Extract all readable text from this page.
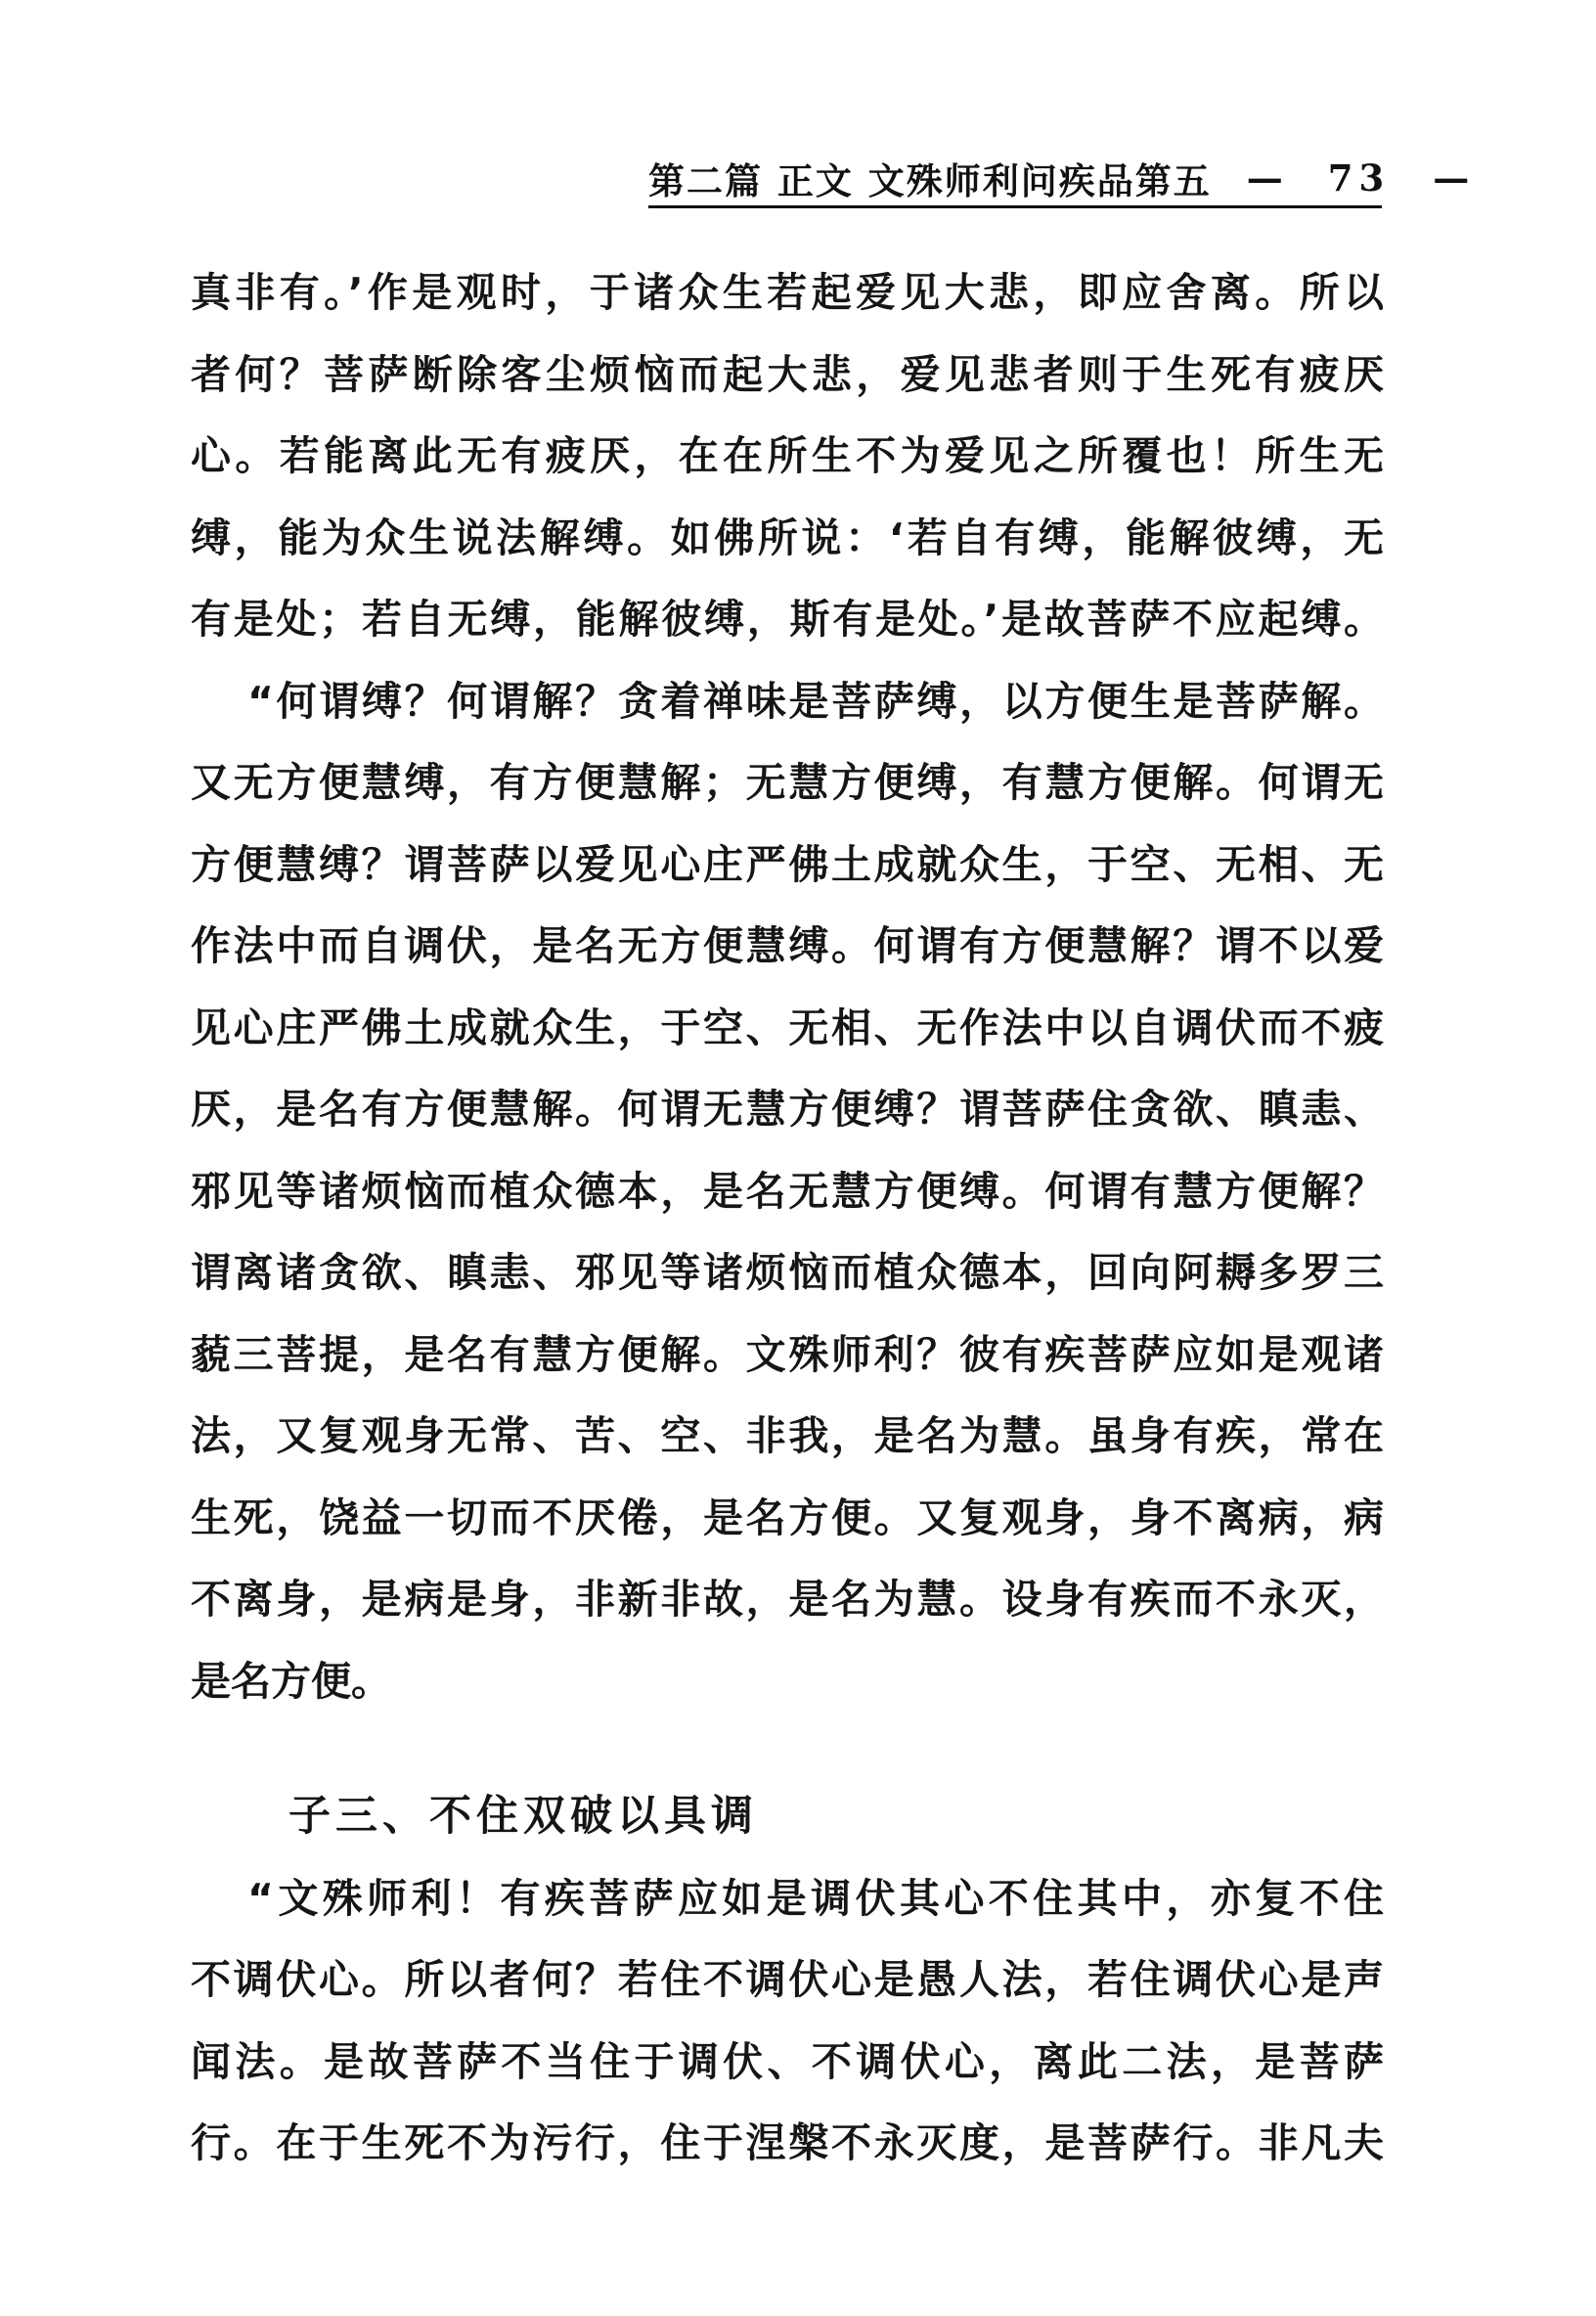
第二篇 正文 文殊师利问疾品第五 — 73 —
真非有。’作是观时，于诸众生若起爱见大悲，即应舍离。所以
者何？菩萨断除客尘烦恼而起大悲，爱见悲者则于生死有疲厌
心。若能离此无有疲厌，在在所生不为爱见之所覆也！所生无
缚，能为众生说法解缚。如佛所说：‘若自有缚，能解彼缚，无
有是处；若自无缚，能解彼缚，斯有是处。’是故菩萨不应起缚。
“何谓缚？何谓解？贪着禅味是菩萨缚，以方便生是菩萨解。
又无方便慧缚，有方便慧解；无慧方便缚，有慧方便解。何谓无
方便慧缚？谓菩萨以爱见心庄严佛土成就众生，于空、无相、无
作法中而自调伏，是名无方便慧缚。何谓有方便慧解？谓不以爱
见心庄严佛土成就众生，于空、无相、无作法中以自调伏而不疲
厌，是名有方便慧解。何谓无慧方便缚？谓菩萨住贪欲、瞋恚、
邪见等诸烦恼而植众德本，是名无慧方便缚。何谓有慧方便解？
谓离诸贪欲、瞋恚、邪见等诸烦恼而植众德本，回向阿耨多罗三
藐三菩提，是名有慧方便解。文殊师利？彼有疾菩萨应如是观诸
法，又复观身无常、苦、空、非我，是名为慧。虽身有疾，常在
生死，饶益一切而不厌倦，是名方便。又复观身，身不离病，病
不离身，是病是身，非新非故，是名为慧。设身有疾而不永灭，
是名方便。
子三、不住双破以具调
“文殊师利！有疾菩萨应如是调伏其心不住其中，亦复不住
不调伏心。所以者何？若住不调伏心是愚人法，若住调伏心是声
闻法。是故菩萨不当住于调伏、不调伏心，离此二法，是菩萨
行。在于生死不为污行，住于涅槃不永灭度，是菩萨行。非凡夫
